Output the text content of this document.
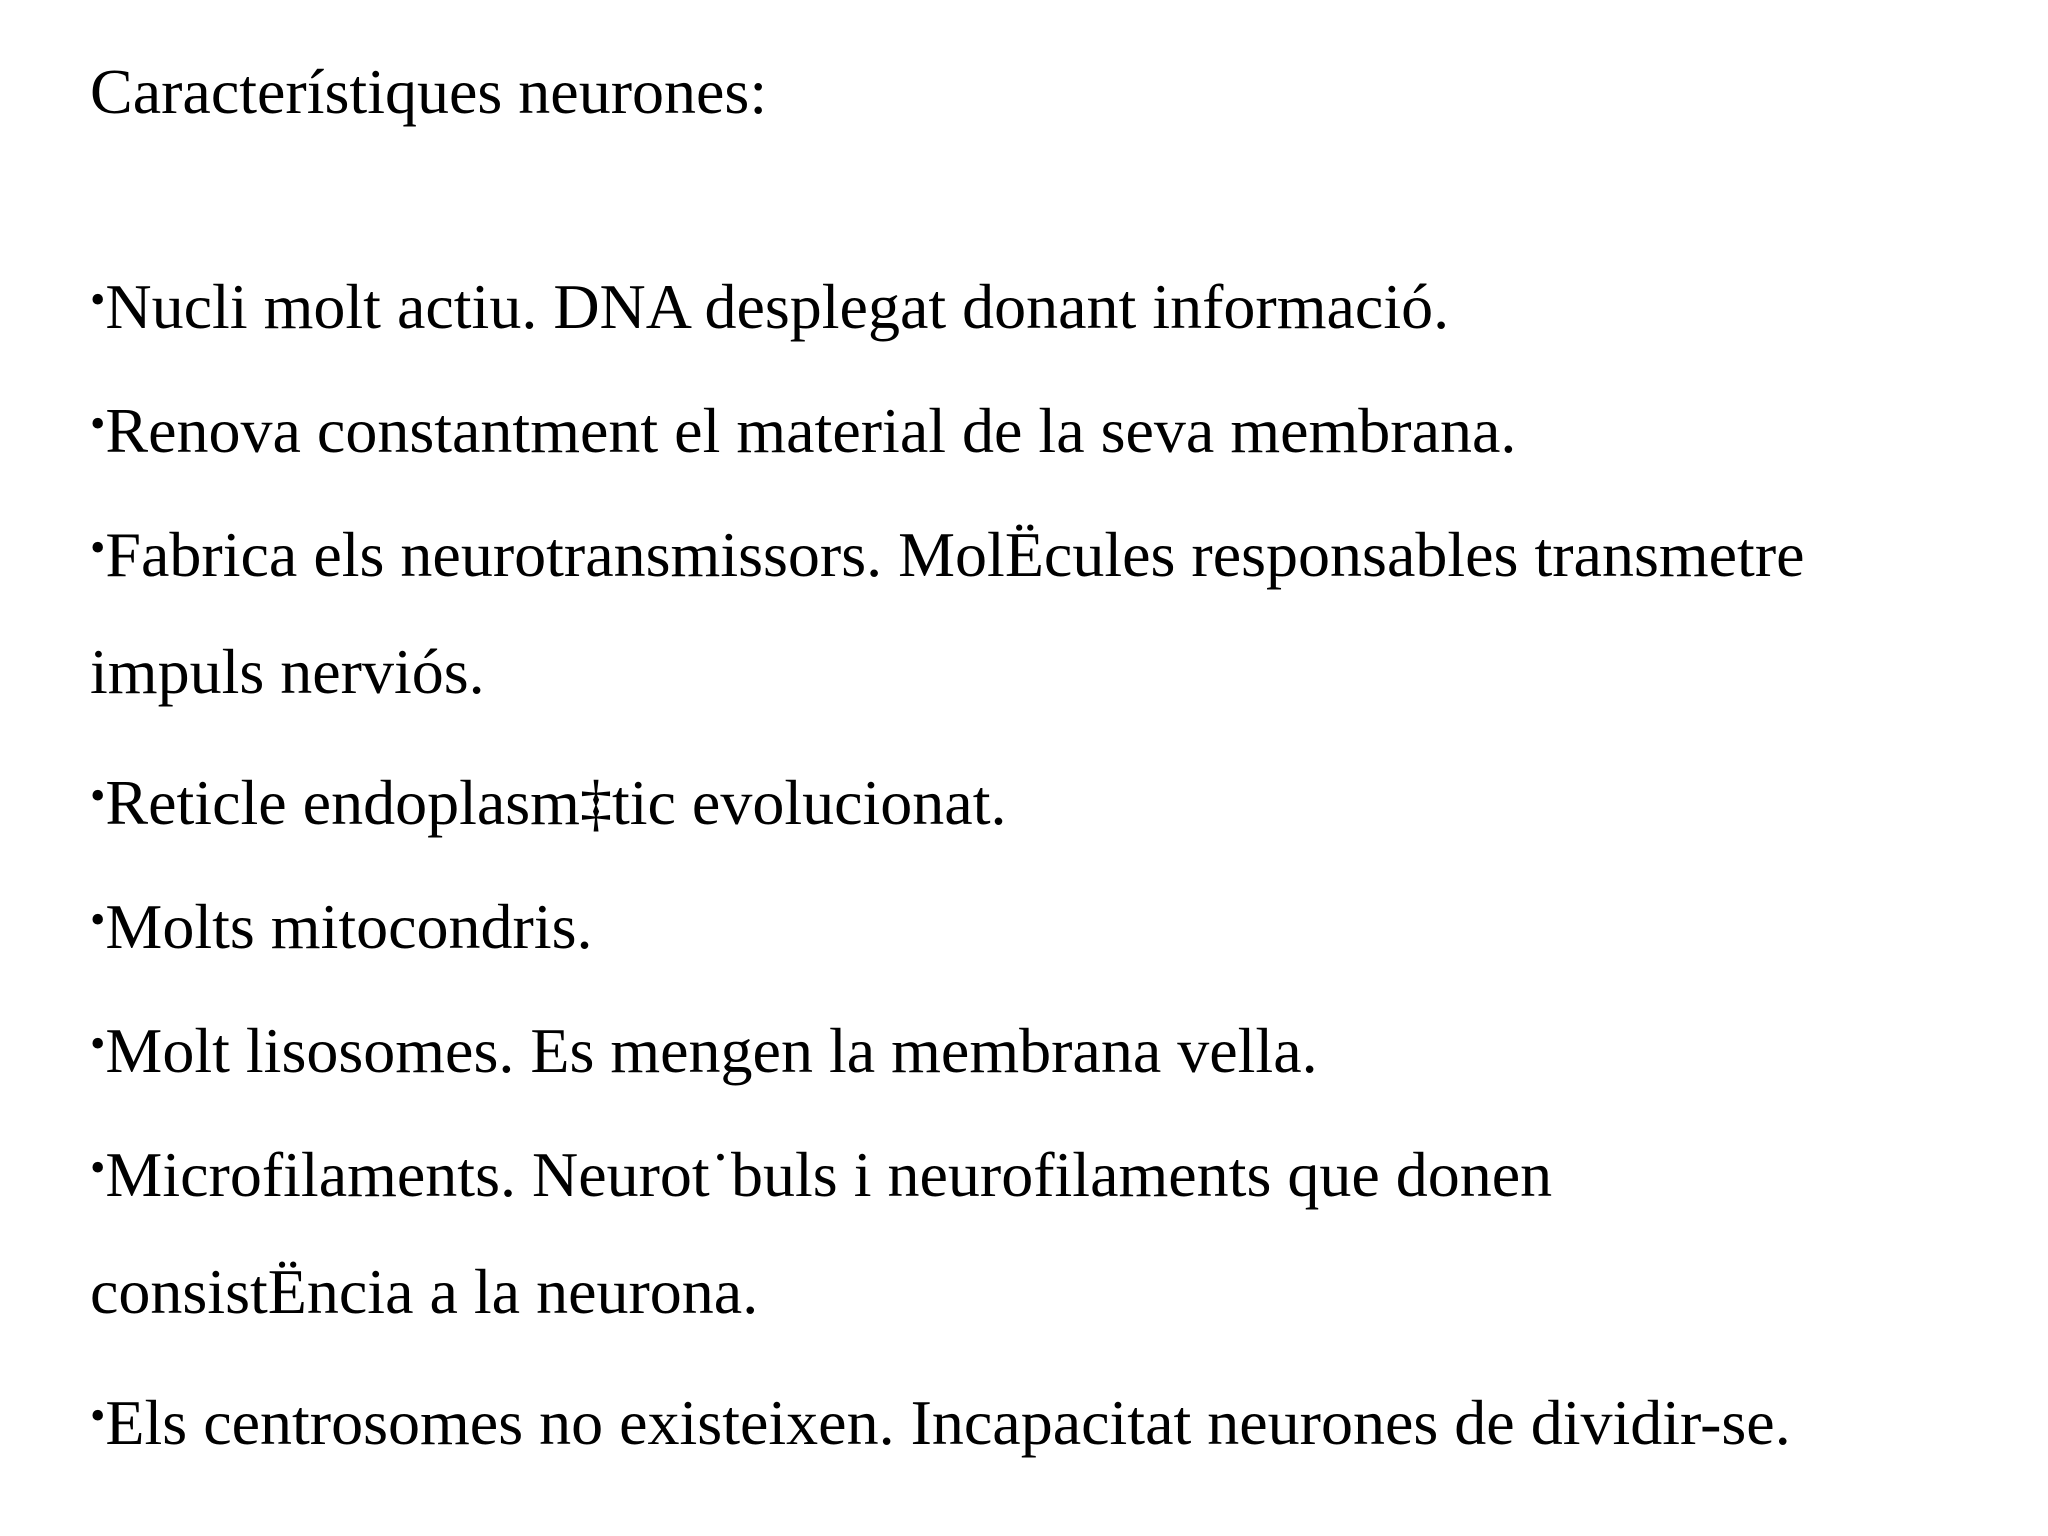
Característiques neurones:
•Nucli molt actiu. DNA desplegat donant informació.
•Renova constantment el material de la seva membrana.
•Fabrica els neurotransmissors. MolËcules responsables transmetre
impuls nerviós.
•Reticle endoplasm‡tic evolucionat.
•Molts mitocondris.
•Molt lisosomes. Es mengen la membrana vella.
•Microfilaments. Neurot˙buls i neurofilaments que donen
consistËncia a la neurona.
•Els centrosomes no existeixen. Incapacitat neurones de dividir-se.
